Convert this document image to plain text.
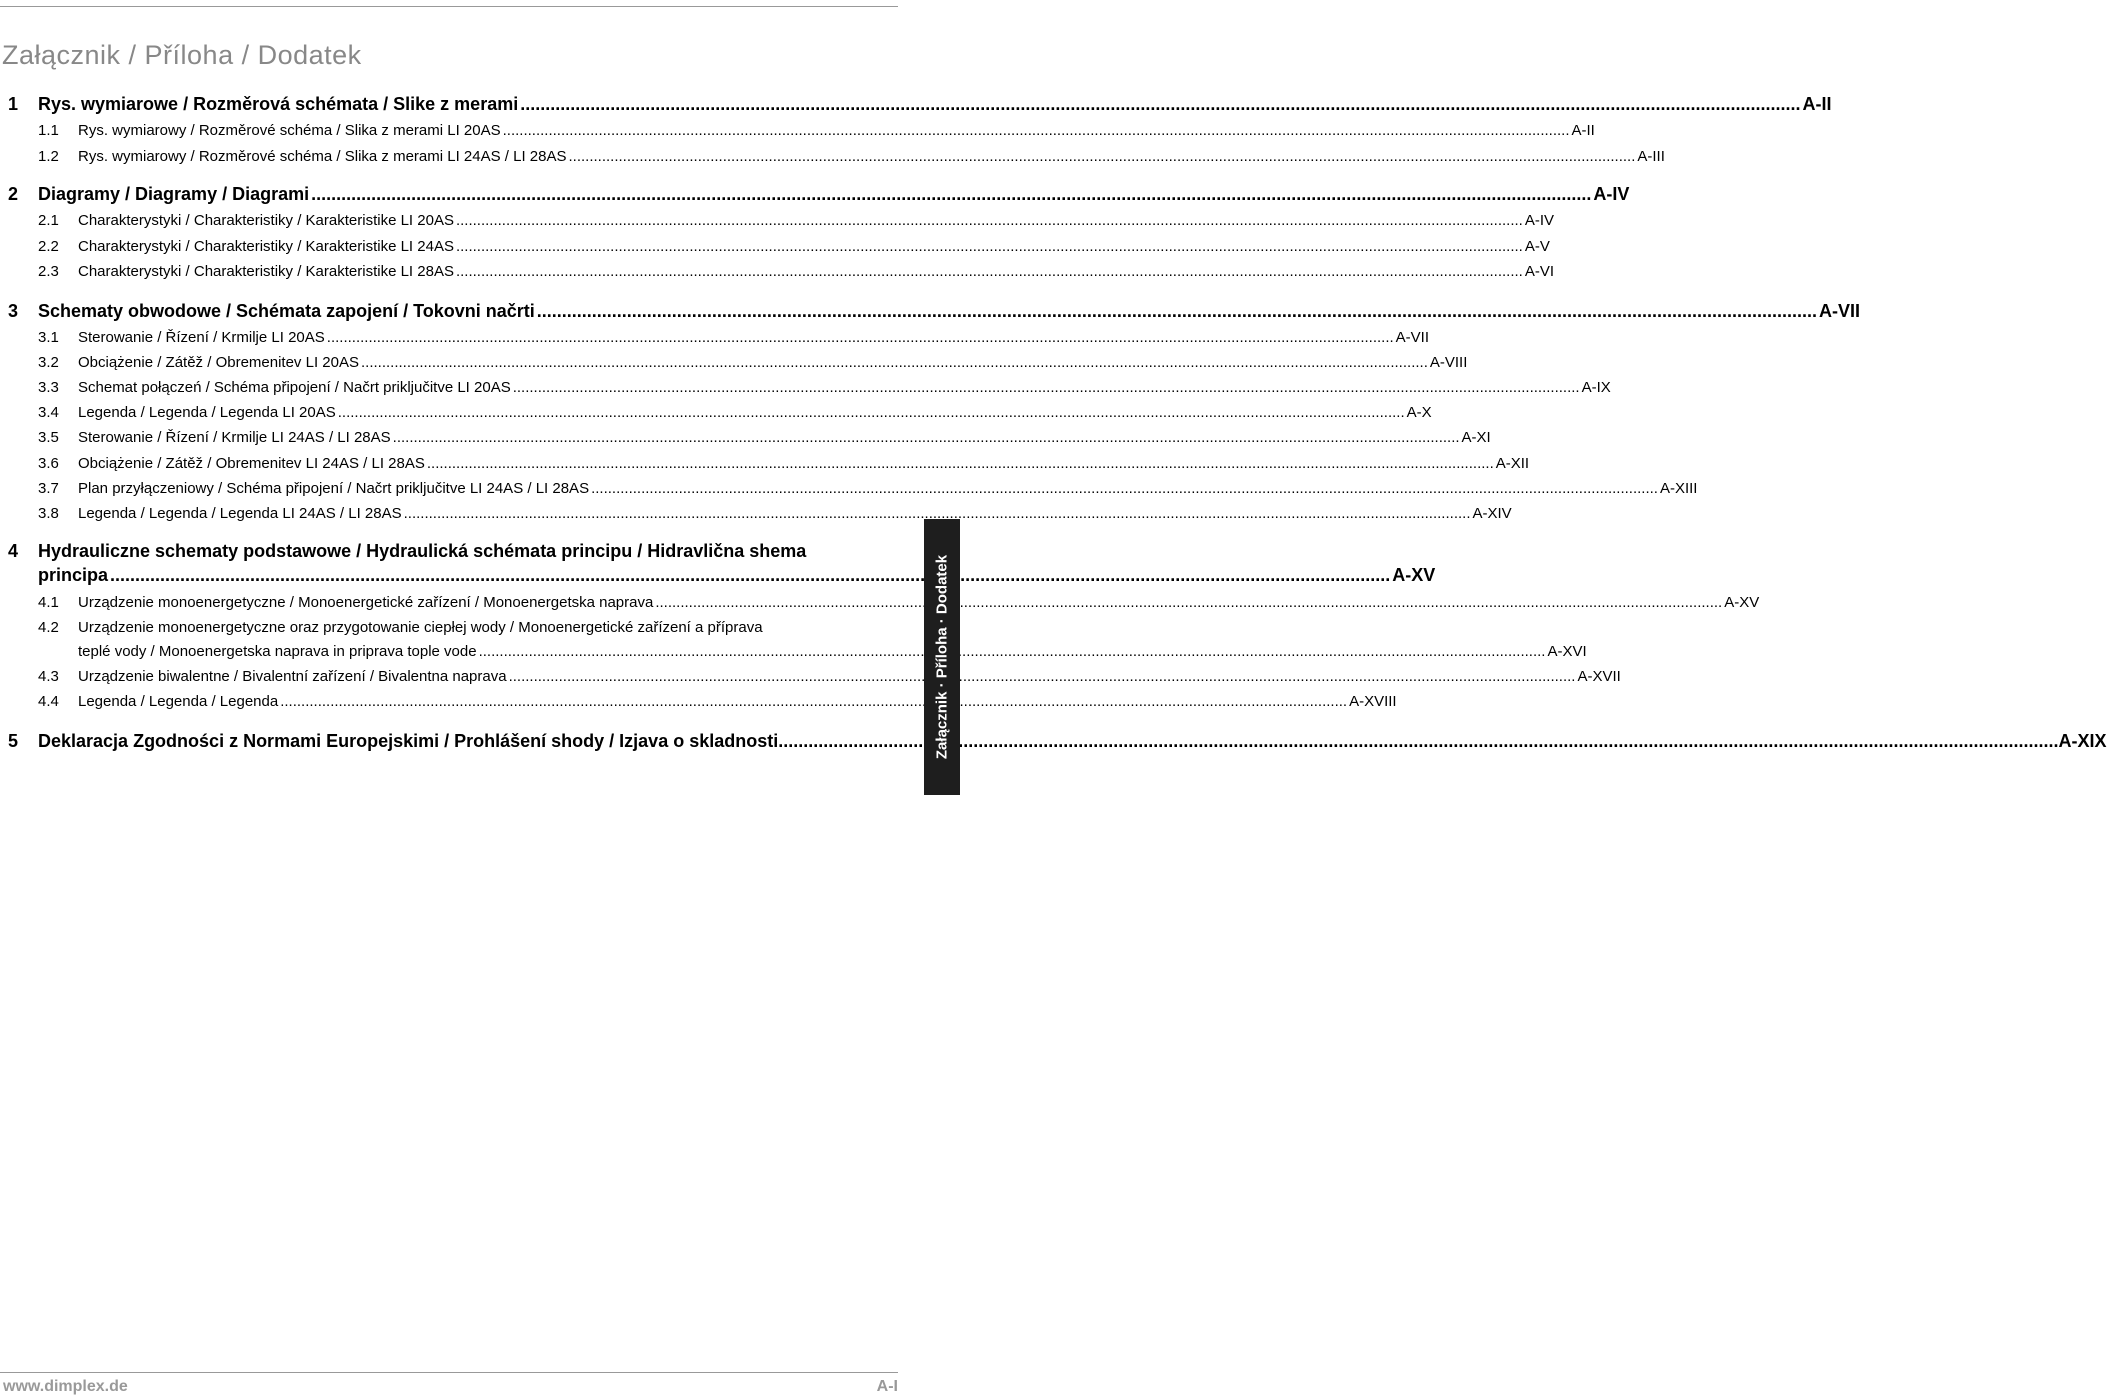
Załącznik / Příloha / Dodatek
1	Rys. wymiarowe / Rozměrová schémata / Slike z merami .....	A-II
1.1	Rys. wymiarowy / Rozměrové schéma / Slika z merami LI 20AS .....	A-II
1.2	Rys. wymiarowy / Rozměrové schéma / Slika z merami LI 24AS / LI 28AS .....	A-III
2	Diagramy / Diagramy / Diagrami .....	A-IV
2.1	Charakterystyki / Charakteristiky / Karakteristike LI 20AS .....	A-IV
2.2	Charakterystyki / Charakteristiky / Karakteristike LI 24AS .....	A-V
2.3	Charakterystyki / Charakteristiky / Karakteristike LI 28AS .....	A-VI
3	Schematy obwodowe / Schémata zapojení / Tokovni načrti .....	A-VII
3.1	Sterowanie / Řízení / Krmilje LI 20AS .....	A-VII
3.2	Obciążenie / Zátěž / Obremenitev LI 20AS .....	A-VIII
3.3	Schemat połączeń / Schéma připojení / Načrt priključitve LI 20AS .....	A-IX
3.4	Legenda / Legenda / Legenda LI 20AS .....	A-X
3.5	Sterowanie / Řízení / Krmilje LI 24AS / LI 28AS .....	A-XI
3.6	Obciążenie / Zátěž / Obremenitev LI 24AS / LI 28AS .....	A-XII
3.7	Plan przyłączeniowy / Schéma připojení / Načrt priključitve LI 24AS / LI 28AS .....	A-XIII
3.8	Legenda / Legenda / Legenda LI 24AS / LI 28AS .....	A-XIV
4	Hydrauliczne schematy podstawowe / Hydraulická schémata principu / Hidravlična shema
principa .....	A-XV
4.1	Urządzenie monoenergetyczne / Monoenergetické zařízení / Monoenergetska naprava .....	A-XV
4.2	Urządzenie monoenergetyczne oraz przygotowanie ciepłej wody / Monoenergetické zařízení a příprava
teplé vody / Monoenergetska naprava in priprava tople vode .....	A-XVI
4.3	Urządzenie biwalentne / Bivalentní zařízení / Bivalentna naprava .....	A-XVII
4.4	Legenda / Legenda / Legenda .....	A-XVIII
5	Deklaracja Zgodności z Normami Europejskimi / Prohlášení shody / Izjava o skladnosti .....	A-XIX
Załącznik · Příloha · Dodatek
www.dimplex.de	A-I
